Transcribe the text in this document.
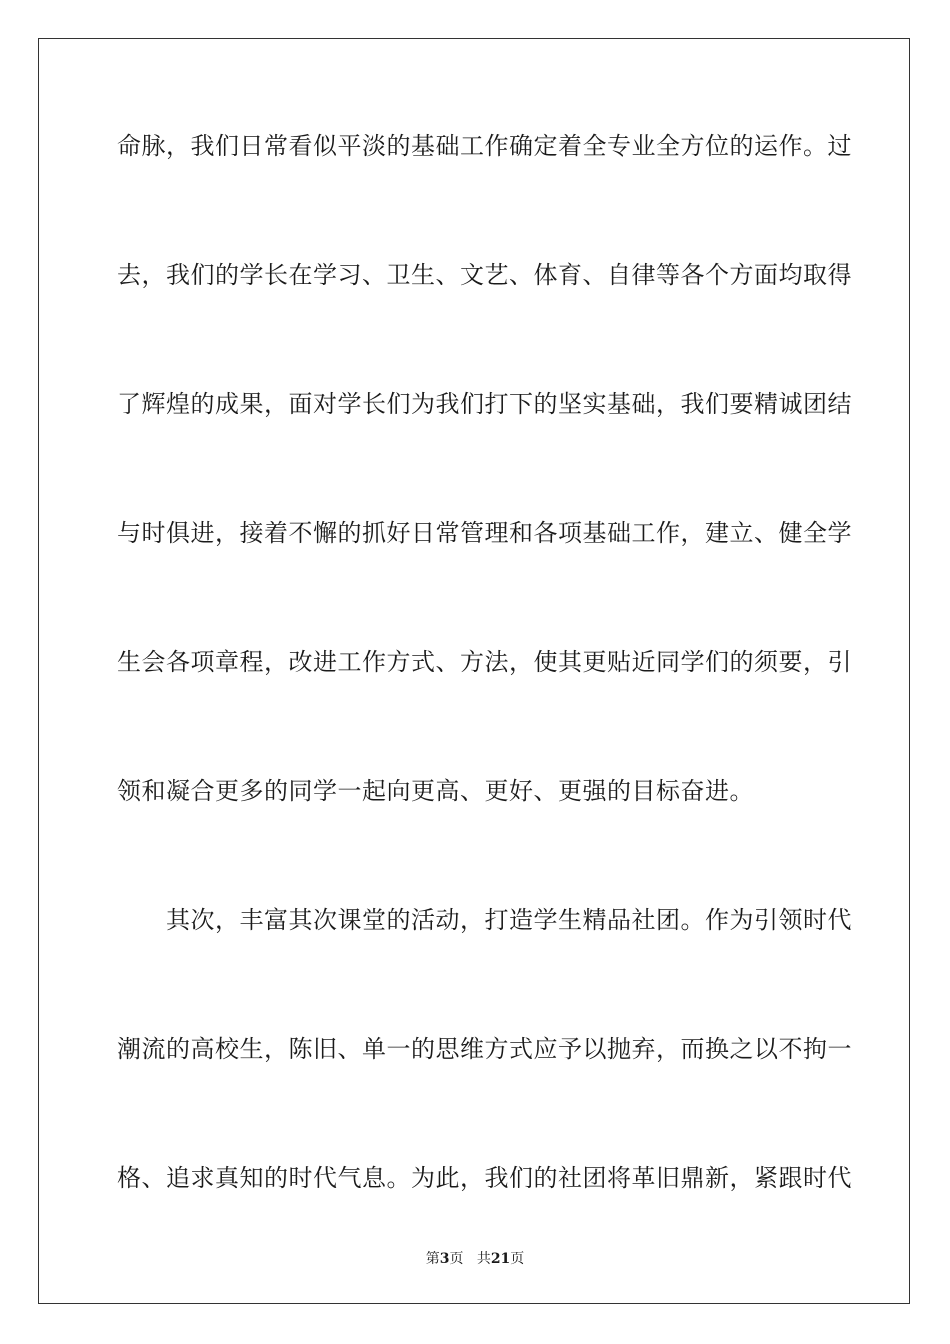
命脉，我们日常看似平淡的基础工作确定着全专业全方位的运作。过
去，我们的学长在学习、卫生、文艺、体育、自律等各个方面均取得
了辉煌的成果，面对学长们为我们打下的坚实基础，我们要精诚团结
与时俱进，接着不懈的抓好日常管理和各项基础工作，建立、健全学
生会各项章程，改进工作方式、方法，使其更贴近同学们的须要，引
领和凝合更多的同学一起向更高、更好、更强的目标奋进。
　　其次，丰富其次课堂的活动，打造学生精品社团。作为引领时代
潮流的高校生，陈旧、单一的思维方式应予以抛弃，而换之以不拘一
格、追求真知的时代气息。为此，我们的社团将革旧鼎新，紧跟时代
第3页 共21页
